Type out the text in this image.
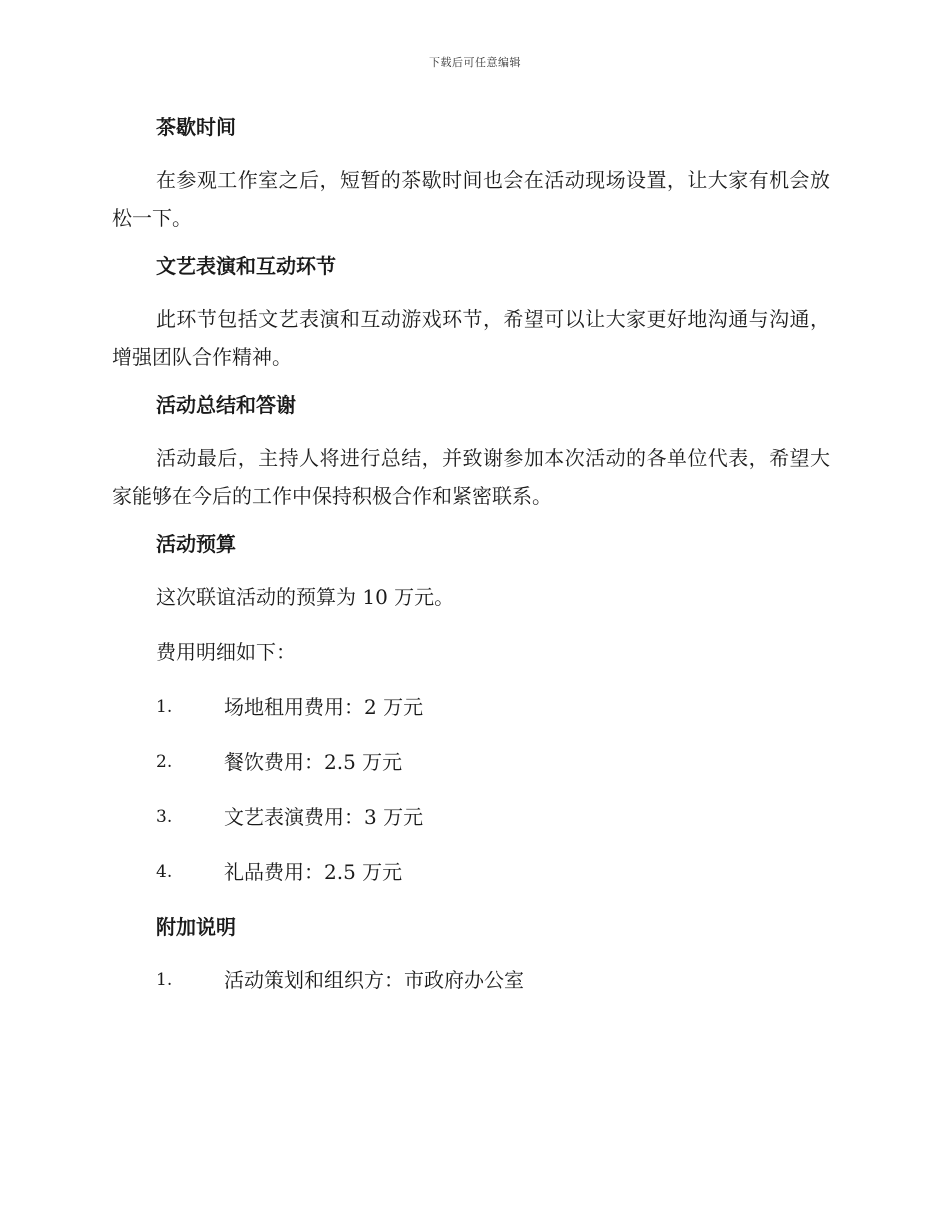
下载后可任意编辑
茶歇时间

在参观工作室之后，短暂的茶歇时间也会在活动现场设置，让大家有机会放松一下。

文艺表演和互动环节

此环节包括文艺表演和互动游戏环节，希望可以让大家更好地沟通与沟通，增强团队合作精神。

活动总结和答谢

活动最后，主持人将进行总结，并致谢参加本次活动的各单位代表，希望大家能够在今后的工作中保持积极合作和紧密联系。

活动预算
这次联谊活动的预算为 10 万元。
费用明细如下：
1.	场地租用费用：2 万元
2.	餐饮费用：2.5 万元
3.	文艺表演费用：3 万元
4.	礼品费用：2.5 万元
附加说明
1.	活动策划和组织方：市政府办公室
